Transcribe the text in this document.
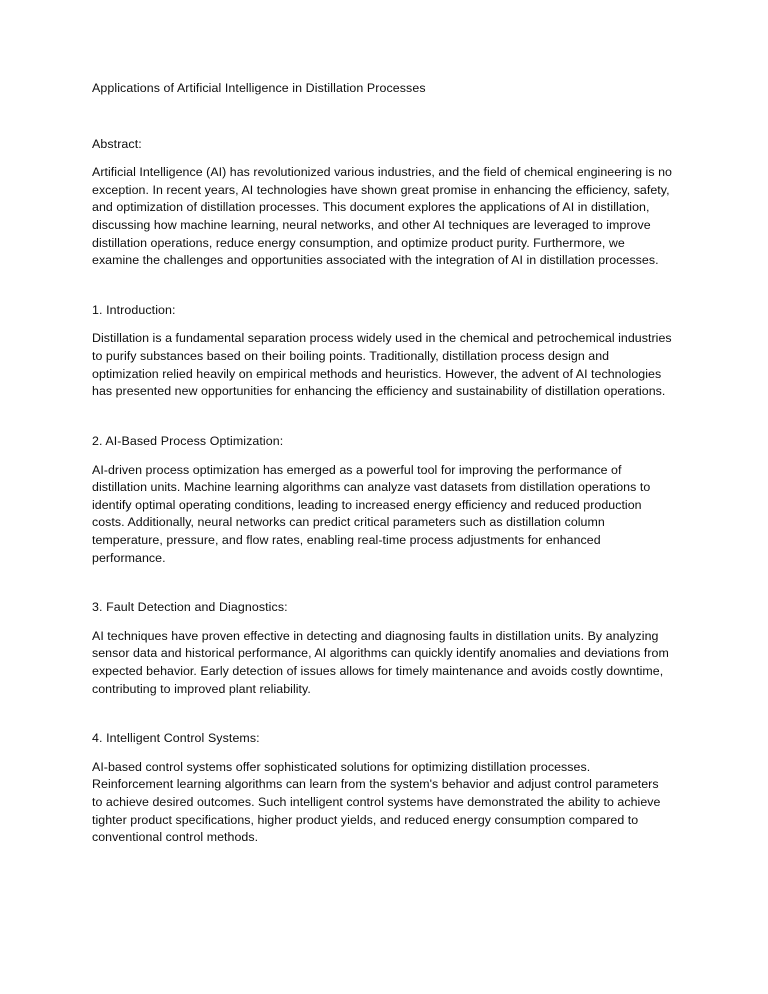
Applications of Artificial Intelligence in Distillation Processes
Abstract:

Artificial Intelligence (AI) has revolutionized various industries, and the field of chemical engineering is no exception. In recent years, AI technologies have shown great promise in enhancing the efficiency, safety, and optimization of distillation processes. This document explores the applications of AI in distillation, discussing how machine learning, neural networks, and other AI techniques are leveraged to improve distillation operations, reduce energy consumption, and optimize product purity. Furthermore, we examine the challenges and opportunities associated with the integration of AI in distillation processes.

1. Introduction:

Distillation is a fundamental separation process widely used in the chemical and petrochemical industries to purify substances based on their boiling points. Traditionally, distillation process design and optimization relied heavily on empirical methods and heuristics. However, the advent of AI technologies has presented new opportunities for enhancing the efficiency and sustainability of distillation operations.

2. AI-Based Process Optimization:

AI-driven process optimization has emerged as a powerful tool for improving the performance of distillation units. Machine learning algorithms can analyze vast datasets from distillation operations to identify optimal operating conditions, leading to increased energy efficiency and reduced production costs. Additionally, neural networks can predict critical parameters such as distillation column temperature, pressure, and flow rates, enabling real-time process adjustments for enhanced performance.

3. Fault Detection and Diagnostics:

AI techniques have proven effective in detecting and diagnosing faults in distillation units. By analyzing sensor data and historical performance, AI algorithms can quickly identify anomalies and deviations from expected behavior. Early detection of issues allows for timely maintenance and avoids costly downtime, contributing to improved plant reliability.

4. Intelligent Control Systems:

AI-based control systems offer sophisticated solutions for optimizing distillation processes. Reinforcement learning algorithms can learn from the system's behavior and adjust control parameters to achieve desired outcomes. Such intelligent control systems have demonstrated the ability to achieve tighter product specifications, higher product yields, and reduced energy consumption compared to conventional control methods.
